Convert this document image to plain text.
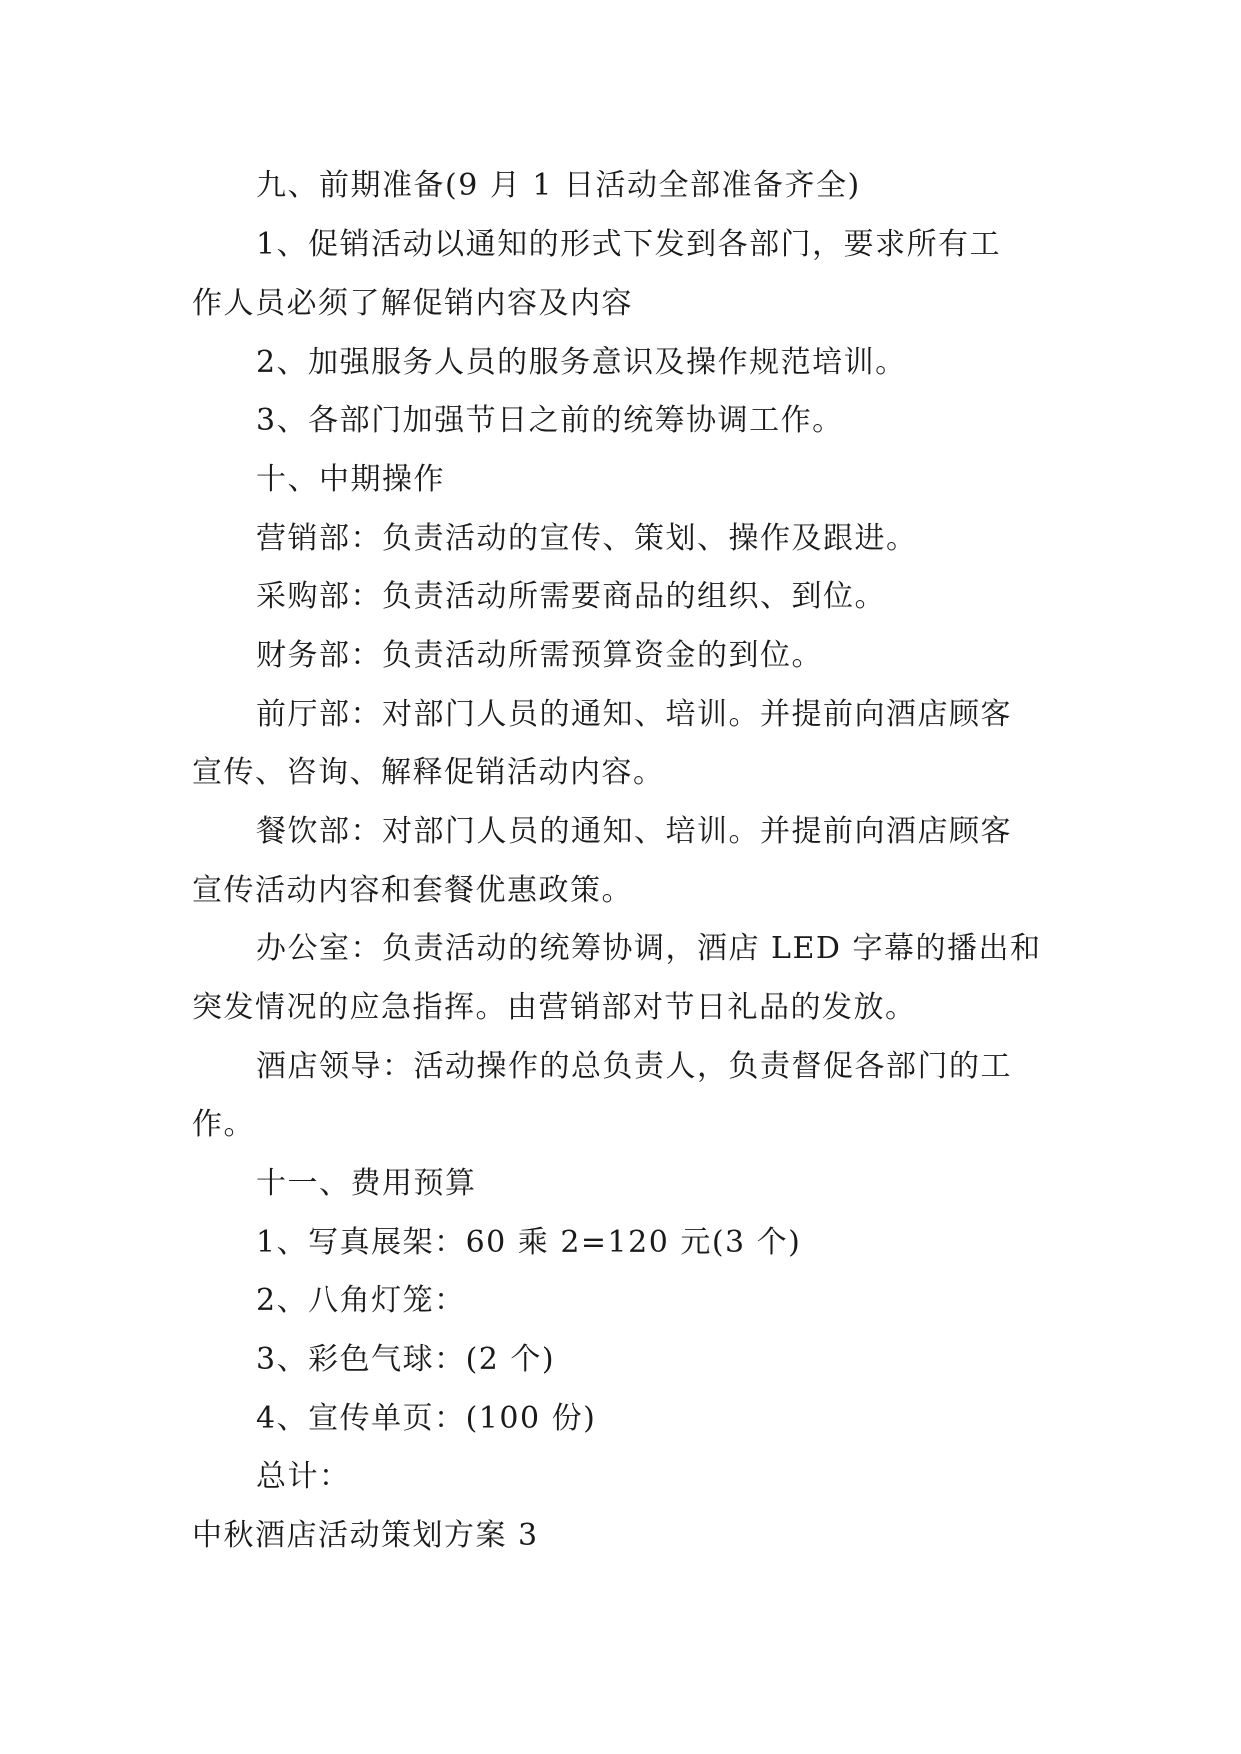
九、前期准备(9 月 1 日活动全部准备齐全)
1、促销活动以通知的形式下发到各部门，要求所有工
作人员必须了解促销内容及内容
2、加强服务人员的服务意识及操作规范培训。
3、各部门加强节日之前的统筹协调工作。
十、中期操作
营销部：负责活动的宣传、策划、操作及跟进。
采购部：负责活动所需要商品的组织、到位。
财务部：负责活动所需预算资金的到位。
前厅部：对部门人员的通知、培训。并提前向酒店顾客
宣传、咨询、解释促销活动内容。
餐饮部：对部门人员的通知、培训。并提前向酒店顾客
宣传活动内容和套餐优惠政策。
办公室：负责活动的统筹协调，酒店 LED 字幕的播出和
突发情况的应急指挥。由营销部对节日礼品的发放。
酒店领导：活动操作的总负责人，负责督促各部门的工
作。
十一、费用预算
1、写真展架：60 乘 2=120 元(3 个)
2、八角灯笼：
3、彩色气球：(2 个)
4、宣传单页：(100 份)
总计：
中秋酒店活动策划方案 3
